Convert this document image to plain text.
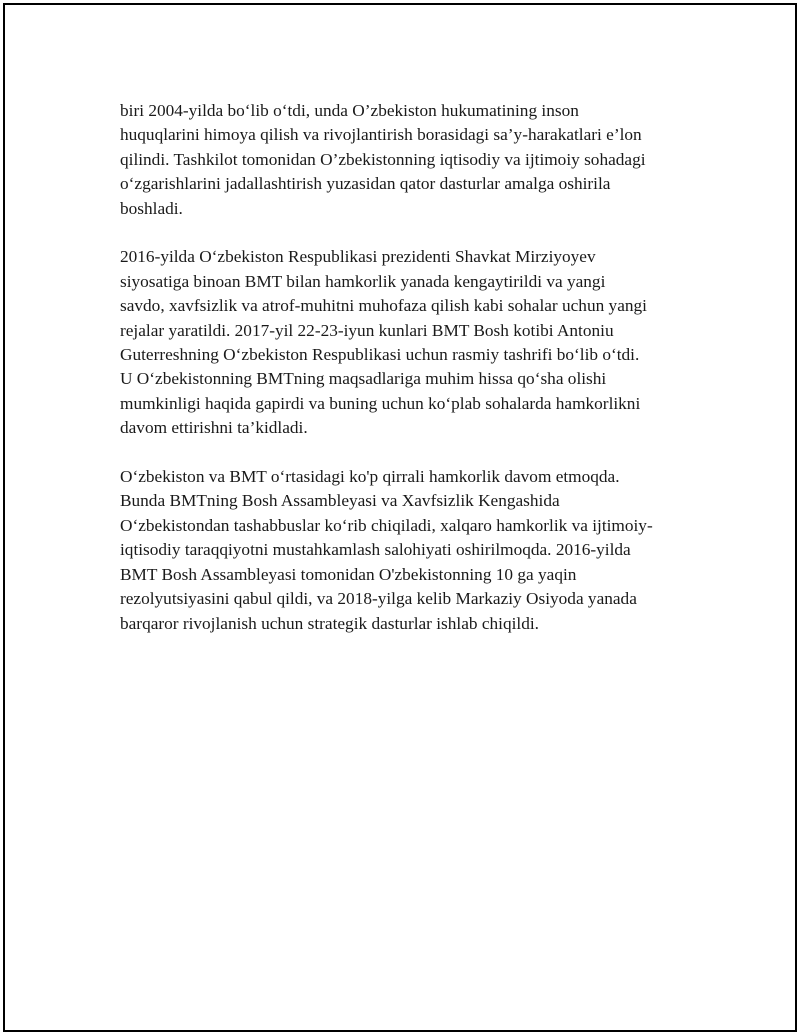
biri 2004-yilda bo‘lib o‘tdi, unda O’zbekiston hukumatining inson
huquqlarini himoya qilish va rivojlantirish borasidagi sa’y-harakatlari e’lon
qilindi. Tashkilot tomonidan O’zbekistonning iqtisodiy va ijtimoiy sohadagi
o‘zgarishlarini jadallashtirish yuzasidan qator dasturlar amalga oshirila
boshladi.

2016-yilda O‘zbekiston Respublikasi prezidenti Shavkat Mirziyoyev
siyosatiga binoan BMT bilan hamkorlik yanada kengaytirildi va yangi
savdo, xavfsizlik va atrof-muhitni muhofaza qilish kabi sohalar uchun yangi
rejalar yaratildi. 2017-yil 22-23-iyun kunlari BMT Bosh kotibi Antoniu
Guterreshning O‘zbekiston Respublikasi uchun rasmiy tashrifi bo‘lib o‘tdi.
U O‘zbekistonning BMTning maqsadlariga muhim hissa qo‘sha olishi
mumkinligi haqida gapirdi va buning uchun ko‘plab sohalarda hamkorlikni
davom ettirishni ta’kidladi.

O‘zbekiston va BMT o‘rtasidagi ko'p qirrali hamkorlik davom etmoqda.
Bunda BMTning Bosh Assambleyasi va Xavfsizlik Kengashida
O‘zbekistondan tashabbuslar ko‘rib chiqiladi, xalqaro hamkorlik va ijtimoiy-
iqtisodiy taraqqiyotni mustahkamlash salohiyati oshirilmoqda. 2016-yilda
BMT Bosh Assambleyasi tomonidan O'zbekistonning 10 ga yaqin
rezolyutsiyasini qabul qildi, va 2018-yilga kelib Markaziy Osiyoda yanada
barqaror rivojlanish uchun strategik dasturlar ishlab chiqildi.
